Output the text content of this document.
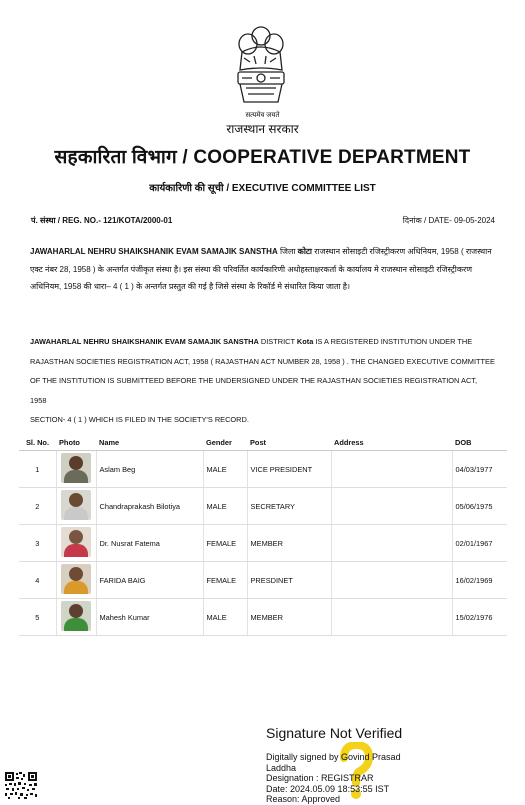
सत्यमेव जयते
राजस्थान सरकार
सहकारिता विभाग / COOPERATIVE DEPARTMENT
कार्यकारिणी की सूची / EXECUTIVE COMMITTEE LIST
पं. संस्था / REG. NO.- 121/KOTA/2000-01	दिनांक / DATE- 09-05-2024
JAWAHARLAL NEHRU SHAIKSHANIK EVAM SAMAJIK SANSTHA जिला कोटा राजस्थान सोसाइटी रजिस्ट्रीकरण अधिनियम, 1958 ( राजस्थान एक्ट नंबर 28, 1958 ) के अन्तर्गत पंजीकृत संस्था है। इस संस्था की परिवर्तित कार्यकारिणी अधोहस्ताक्षरकर्ता के कार्यालय मे राजस्थान सोसाइटी रजिस्ट्रीकरण अधिनियम, 1958 की धारा– 4 ( 1 ) के अन्तर्गत प्रस्तुत की गई है जिसे संस्था के रिकॉर्ड मे संधारित किया जाता है।
JAWAHARLAL NEHRU SHAIKSHANIK EVAM SAMAJIK SANSTHA DISTRICT Kota IS A REGISTERED INSTITUTION UNDER THE RAJASTHAN SOCIETIES REGISTRATION ACT, 1958 ( RAJASTHAN ACT NUMBER 28, 1958 ) . THE CHANGED EXECUTIVE COMMITTEE OF THE INSTITUTION IS SUBMITTEED BEFORE THE UNDERSIGNED UNDER THE RAJASTHAN SOCIETIES REGISTRATION ACT, 1958
SECTION- 4 ( 1 ) WHICH IS FILED IN THE SOCIETY'S RECORD.
Sl. No.	Photo	Name	Gender	Post	Address	DOB
1		Aslam Beg	MALE	VICE PRESIDENT		04/03/1977
2		Chandraprakash Bilotiya	MALE	SECRETARY		05/06/1975
3		Dr. Nusrat Fatema	FEMALE	MEMBER		02/01/1967
4		FARIDA BAIG	FEMALE	PRESDINET		16/02/1969
5		Mahesh Kumar	MALE	MEMBER		15/02/1976
Signature Not Verified
Digitally signed by Govind Prasad
Laddha
Designation : REGISTRAR
Date: 2024.05.09 18:53:55 IST
Reason: Approved
